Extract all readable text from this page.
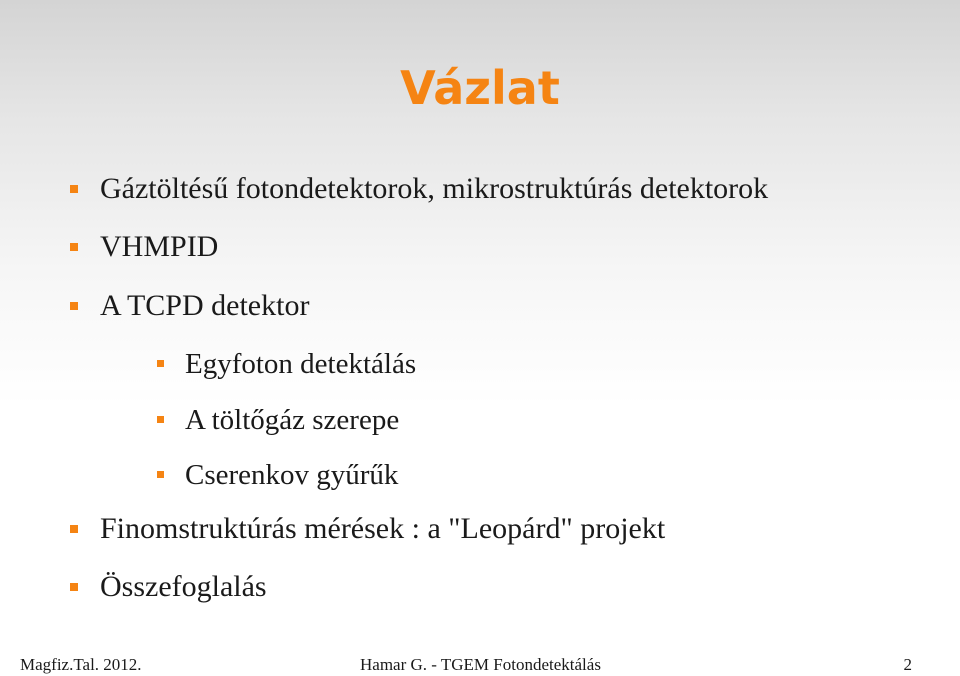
Vázlat
Gáztöltésű fotondetektorok, mikrostruktúrás detektorok
VHMPID
A TCPD detektor
Egyfoton detektálás
A töltőgáz szerepe
Cserenkov gyűrűk
Finomstruktúrás mérések : a "Leopárd" projekt
Összefoglalás
Magfiz.Tal. 2012.	Hamar G. - TGEM Fotondetektálás	2
